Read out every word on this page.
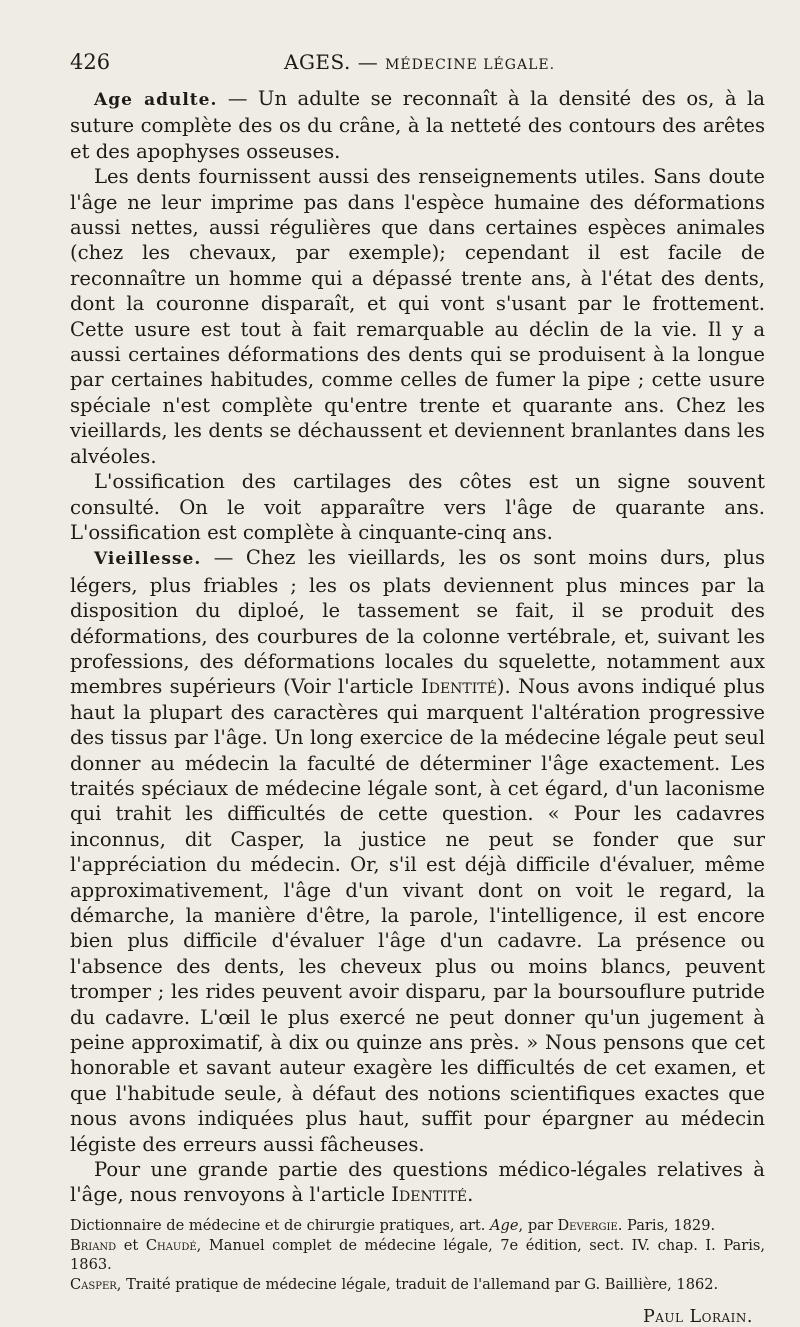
426	AGES. — MÉDECINE LÉGALE.

Age adulte. — Un adulte se reconnaît à la densité des os, à la suture complète des os du crâne, à la netteté des contours des arêtes et des apophyses osseuses.

Les dents fournissent aussi des renseignements utiles. Sans doute l'âge ne leur imprime pas dans l'espèce humaine des déformations aussi nettes, aussi régulières que dans certaines espèces animales (chez les chevaux, par exemple); cependant il est facile de reconnaître un homme qui a dépassé trente ans, à l'état des dents, dont la couronne disparaît, et qui vont s'usant par le frottement. Cette usure est tout à fait remarquable au déclin de la vie. Il y a aussi certaines déformations des dents qui se produisent à la longue par certaines habitudes, comme celles de fumer la pipe ; cette usure spéciale n'est complète qu'entre trente et quarante ans. Chez les vieillards, les dents se déchaussent et deviennent branlantes dans les alvéoles.

L'ossification des cartilages des côtes est un signe souvent consulté. On le voit apparaître vers l'âge de quarante ans. L'ossification est complète à cinquante-cinq ans.

Vieillesse. — Chez les vieillards, les os sont moins durs, plus légers, plus friables ; les os plats deviennent plus minces par la disposition du diploé, le tassement se fait, il se produit des déformations, des courbures de la colonne vertébrale, et, suivant les professions, des déformations locales du squelette, notamment aux membres supérieurs (Voir l'article Identité). Nous avons indiqué plus haut la plupart des caractères qui marquent l'altération progressive des tissus par l'âge. Un long exercice de la médecine légale peut seul donner au médecin la faculté de déterminer l'âge exactement. Les traités spéciaux de médecine légale sont, à cet égard, d'un laconisme qui trahit les difficultés de cette question. « Pour les cadavres inconnus, dit Casper, la justice ne peut se fonder que sur l'appréciation du médecin. Or, s'il est déjà difficile d'évaluer, même approximativement, l'âge d'un vivant dont on voit le regard, la démarche, la manière d'être, la parole, l'intelligence, il est encore bien plus difficile d'évaluer l'âge d'un cadavre. La présence ou l'absence des dents, les cheveux plus ou moins blancs, peuvent tromper ; les rides peuvent avoir disparu, par la boursouflure putride du cadavre. L'œil le plus exercé ne peut donner qu'un jugement à peine approximatif, à dix ou quinze ans près. » Nous pensons que cet honorable et savant auteur exagère les difficultés de cet examen, et que l'habitude seule, à défaut des notions scientifiques exactes que nous avons indiquées plus haut, suffit pour épargner au médecin légiste des erreurs aussi fâcheuses.

Pour une grande partie des questions médico-légales relatives à l'âge, nous renvoyons à l'article Identité.

Dictionnaire de médecine et de chirurgie pratiques, art. Age, par Devergie. Paris, 1829.
Briand et Chaudé, Manuel complet de médecine légale, 7e édition, sect. IV. chap. I. Paris, 1863.
Casper, Traité pratique de médecine légale, traduit de l'allemand par G. Baillière, 1862.
Paul Lorain.
